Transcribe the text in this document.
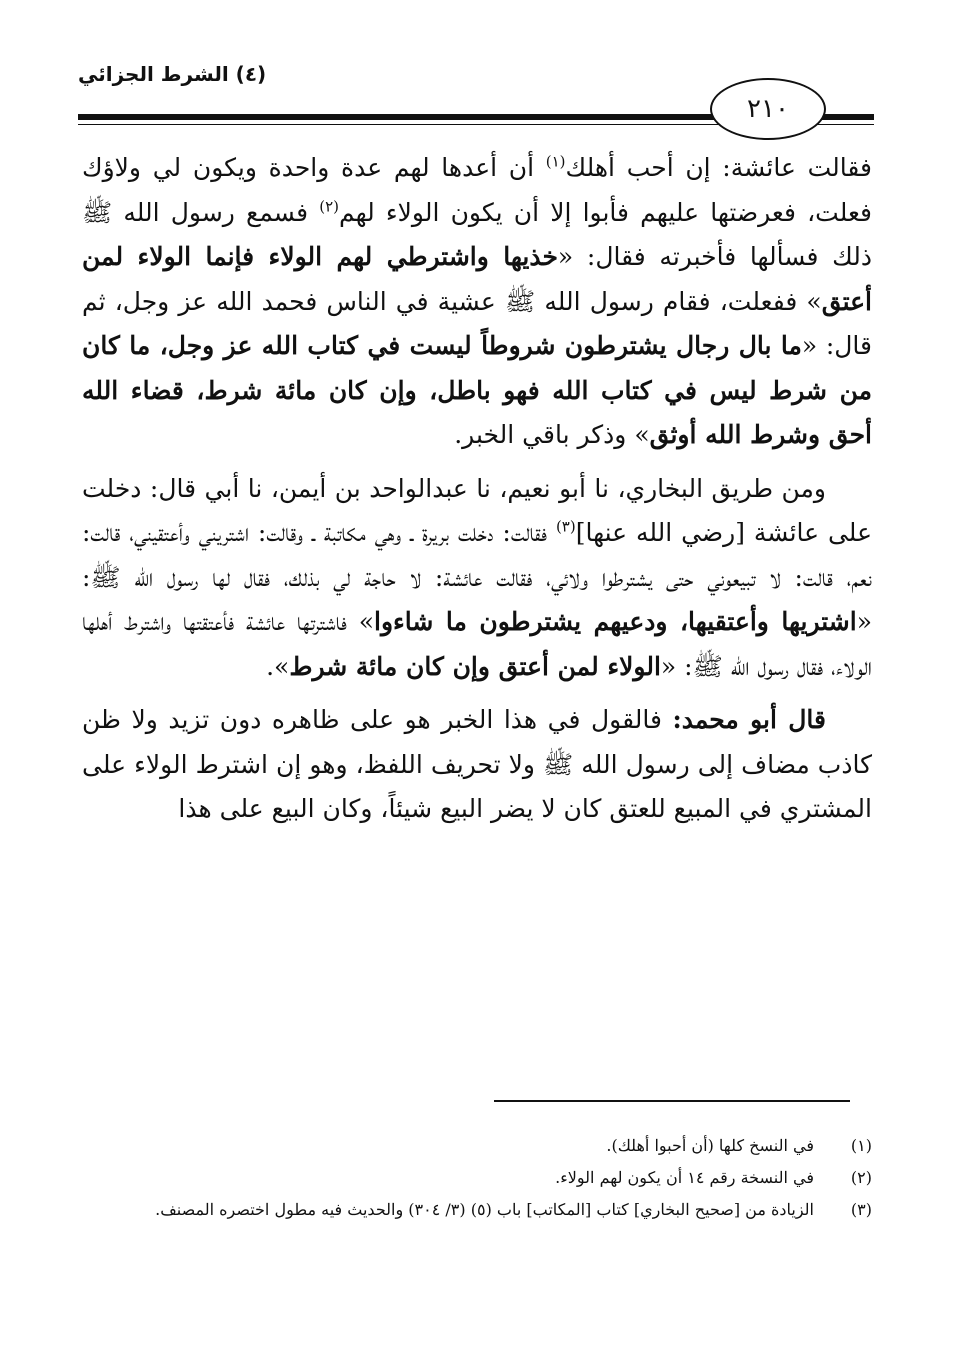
(٤) الشرط الجزائي
٢١٠

فقالت عائشة: إن أحب أهلك$^{(١)}$ أن أعدها لهم عدة واحدة ويكون لي ولاؤك فعلت، فعرضتها عليهم فأبوا إلا أن يكون الولاء لهم$^{(٢)}$ فسمع رسول الله ﷺ ذلك فسألها فأخبرته فقال: «خذيها واشترطي لهم الولاء فإنما الولاء لمن أعتق» ففعلت، فقام رسول الله ﷺ عشية في الناس فحمد الله عز وجل، ثم قال: «ما بال رجال يشترطون شروطاً ليست في كتاب الله عز وجل، ما كان من شرط ليس في كتاب الله فهو باطل، وإن كان مائة شرط، قضاء الله أحق وشرط الله أوثق» وذكر باقي الخبر.

ومن طريق البخاري، نا أبو نعيم، نا عبدالواحد بن أيمن، نا أبي قال: دخلت على عائشة [رضي الله عنها]$^{(٣)}$ فقالت: دخلت بريرة ـ وهي مكاتبة ـ وقالت: اشتريني وأعتقيني، قالت: نعم، قالت: لا تبيعوني حتى يشترطوا ولائي، فقالت عائشة: لا حاجة لي بذلك، فقال لها رسول الله ﷺ: «اشتريها وأعتقيها، ودعيهم يشترطون ما شاءوا» فاشترتها عائشة فأعتقتها واشترط أهلها الولاء، فقال رسول الله ﷺ: «الولاء لمن أعتق وإن كان مائة شرط».

قال أبو محمد: فالقول في هذا الخبر هو على ظاهره دون تزيد ولا ظن كاذب مضاف إلى رسول الله ﷺ ولا تحريف اللفظ، وهو إن اشترط الولاء على المشتري في المبيع للعتق كان لا يضر البيع شيئاً، وكان البيع على هذا

(١)
في النسخ كلها (أن أحبوا أهلك).
(٢)
في النسخة رقم ١٤ أن يكون لهم الولاء.
(٣)
الزيادة من [صحيح البخاري] كتاب [المكاتب] باب (٥) (٣/ ٣٠٤) والحديث فيه مطول اختصره المصنف.
